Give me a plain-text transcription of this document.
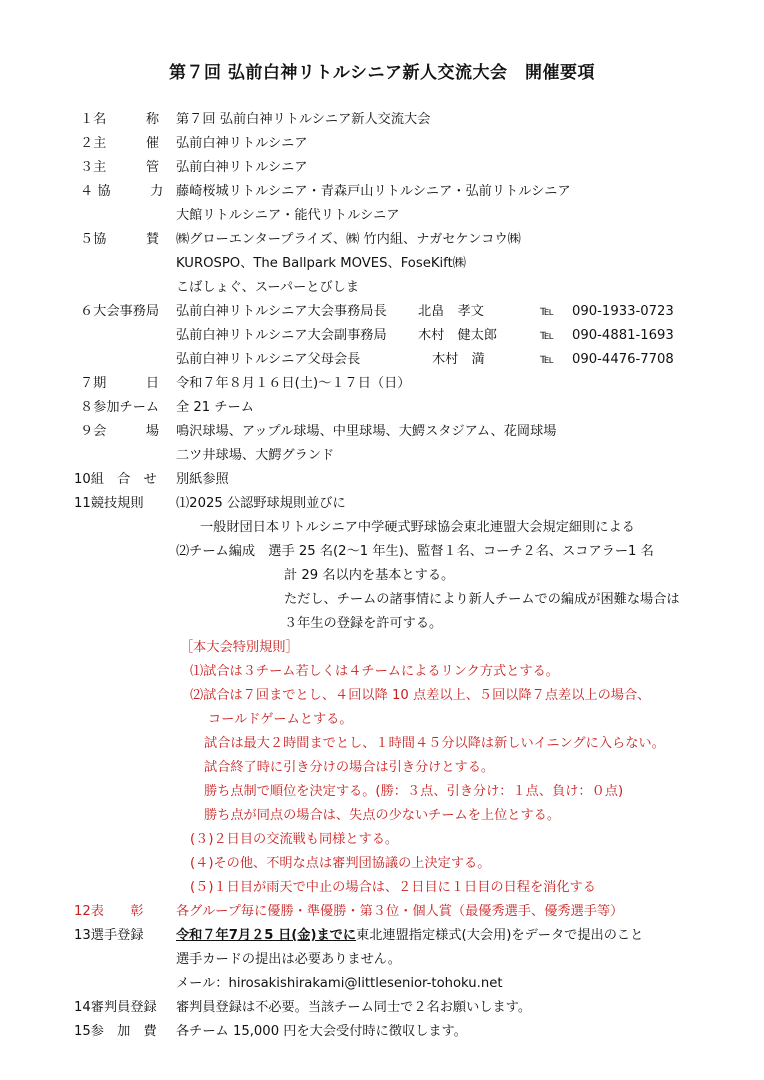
第７回 弘前白神リトルシニア新人交流大会　開催要項
１名　　　称 第７回 弘前白神リトルシニア新人交流大会
２主　　　催 弘前白神リトルシニア
３主　　　管 弘前白神リトルシニア
４ 協　　　力 藤崎桜城リトルシニア・青森戸山リトルシニア・弘前リトルシニア
大館リトルシニア・能代リトルシニア
５協　　　賛 ㈱グローエンタープライズ、㈱ 竹内組、ナガセケンコウ㈱
KUROSPO、The Ballpark MOVES、FoseKift㈱
こばしょぐ、スーパーとびしま
６大会事務局 弘前白神リトルシニア大会事務局長 北畠　孝文	℡ 090-1933-0723
弘前白神リトルシニア大会副事務局 木村　健太郎	℡ 090-4881-1693
弘前白神リトルシニア父母会長	木村　満	℡ 090-4476-7708
７期　　　日 令和７年８月１６日(土)～１７日（日）
８参加チーム 全 21 チーム
９会　　　場 鳴沢球場、アップル球場、中里球場、大鰐スタジアム、花岡球場
二ツ井球場、大鰐グランド
10組　合　せ 別紙参照
11競技規則 ⑴2025 公認野球規則並びに
一般財団日本リトルシニア中学硬式野球協会東北連盟大会規定細則による
⑵チーム編成　選手 25 名(2～1 年生)、監督１名、コーチ２名、スコアラー1 名
計 29 名以内を基本とする。
ただし、チームの諸事情により新人チームでの編成が困難な場合は
３年生の登録を許可する。
［本大会特別規則］
⑴試合は３チーム若しくは４チームによるリンク方式とする。
⑵試合は７回までとし、４回以降 10 点差以上、５回以降７点差以上の場合、
コールドゲームとする。
試合は最大２時間までとし、１時間４５分以降は新しいイニングに入らない。
試合終了時に引き分けの場合は引き分けとする。
勝ち点制で順位を決定する。(勝：３点、引き分け：１点、負け：０点)
勝ち点が同点の場合は、失点の少ないチームを上位とする。
(３)２日目の交流戦も同様とする。
(４)その他、不明な点は審判団協議の上決定する。
(５)１日目が雨天で中止の場合は、２日目に１日目の日程を消化する
12表　　彰 各グループ毎に優勝・準優勝・第３位・個人賞（最優秀選手、優秀選手等）
13選手登録 令和７年7月２5 日(金)までに東北連盟指定様式(大会用)をデータで提出のこと
選手カードの提出は必要ありません。
メール：hirosakishirakami@littlesenior-tohoku.net
14審判員登録 審判員登録は不必要。当該チーム同士で２名お願いします。
15参　加　費 各チーム 15,000 円を大会受付時に徴収します。
